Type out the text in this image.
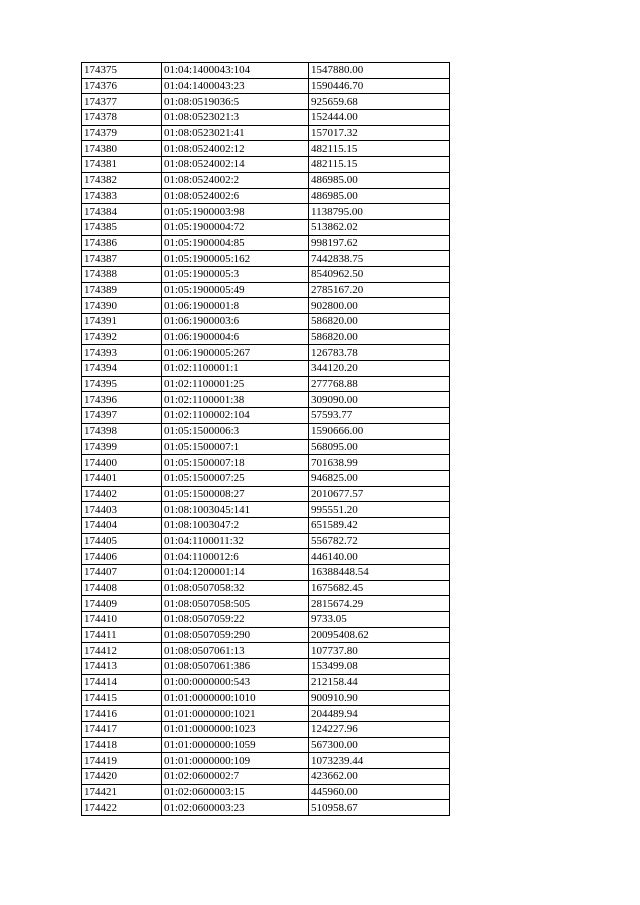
174375	01:04:1400043:104	1547880.00
174376	01:04:1400043:23	1590446.70
174377	01:08:0519036:5	925659.68
174378	01:08:0523021:3	152444.00
174379	01:08:0523021:41	157017.32
174380	01:08:0524002:12	482115.15
174381	01:08:0524002:14	482115.15
174382	01:08:0524002:2	486985.00
174383	01:08:0524002:6	486985.00
174384	01:05:1900003:98	1138795.00
174385	01:05:1900004:72	513862.02
174386	01:05:1900004:85	998197.62
174387	01:05:1900005:162	7442838.75
174388	01:05:1900005:3	8540962.50
174389	01:05:1900005:49	2785167.20
174390	01:06:1900001:8	902800.00
174391	01:06:1900003:6	586820.00
174392	01:06:1900004:6	586820.00
174393	01:06:1900005:267	126783.78
174394	01:02:1100001:1	344120.20
174395	01:02:1100001:25	277768.88
174396	01:02:1100001:38	309090.00
174397	01:02:1100002:104	57593.77
174398	01:05:1500006:3	1590666.00
174399	01:05:1500007:1	568095.00
174400	01:05:1500007:18	701638.99
174401	01:05:1500007:25	946825.00
174402	01:05:1500008:27	2010677.57
174403	01:08:1003045:141	995551.20
174404	01:08:1003047:2	651589.42
174405	01:04:1100011:32	556782.72
174406	01:04:1100012:6	446140.00
174407	01:04:1200001:14	16388448.54
174408	01:08:0507058:32	1675682.45
174409	01:08:0507058:505	2815674.29
174410	01:08:0507059:22	9733.05
174411	01:08:0507059:290	20095408.62
174412	01:08:0507061:13	107737.80
174413	01:08:0507061:386	153499.08
174414	01:00:0000000:543	212158.44
174415	01:01:0000000:1010	900910.90
174416	01:01:0000000:1021	204489.94
174417	01:01:0000000:1023	124227.96
174418	01:01:0000000:1059	567300.00
174419	01:01:0000000:109	1073239.44
174420	01:02:0600002:7	423662.00
174421	01:02:0600003:15	445960.00
174422	01:02:0600003:23	510958.67
